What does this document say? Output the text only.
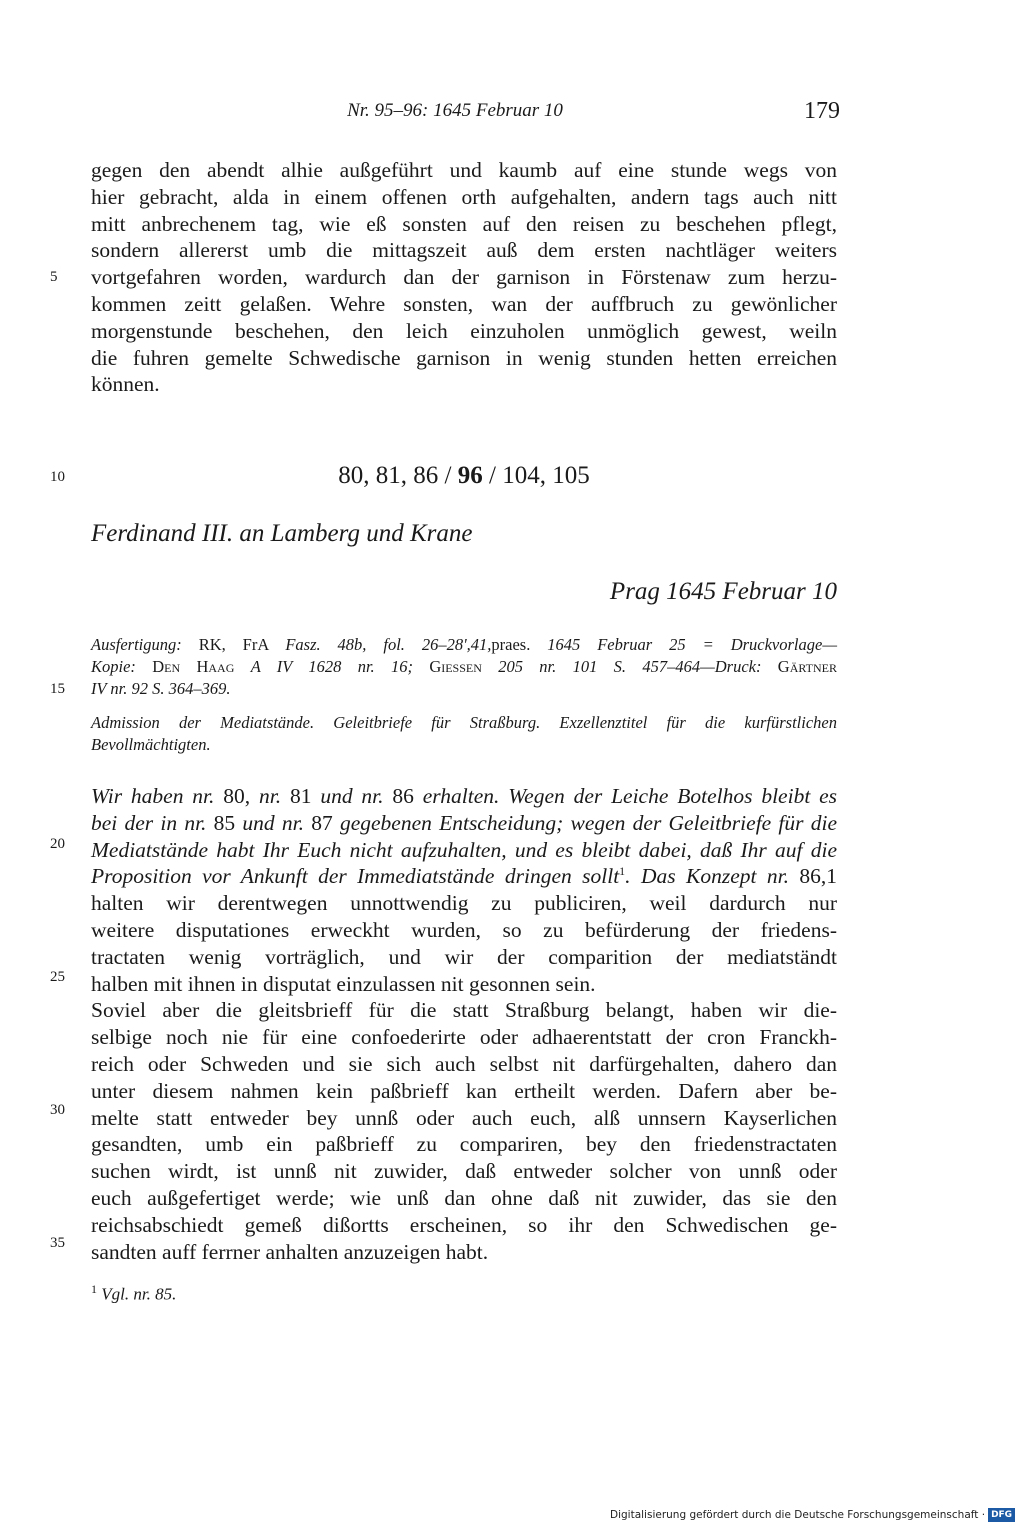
Nr. 95–96: 1645 Februar 10	179
gegen den abendt alhie außgeführt und kaumb auf eine stunde wegs von
hier gebracht, alda in einem offenen orth aufgehalten, andern tags auch nitt
mitt anbrechenem tag, wie eß sonsten auf den reisen zu beschehen pflegt,
sondern allererst umb die mittagszeit auß dem ersten nachtläger weiters
vortgefahren worden, wardurch dan der garnison in Förstenaw zum herzu-
kommen zeitt gelaßen. Wehre sonsten, wan der auffbruch zu gewönlicher
morgenstunde beschehen, den leich einzuholen unmöglich gewest, weiln
die fuhren gemelte Schwedische garnison in wenig stunden hetten erreichen
können.
5
10
15
20
25
30
35
80, 81, 86 / 96 / 104, 105
Ferdinand III. an Lamberg und Krane
Prag 1645 Februar 10
Ausfertigung: RK, FrA Fasz. 48b, fol. 26–28',41,praes. 1645 Februar 25 = Druckvorlage—
Kopie: Den Haag A IV 1628 nr. 16; Giessen 205 nr. 101 S. 457–464—Druck: Gärtner
IV nr. 92 S. 364–369.
Admission der Mediatstände. Geleitbriefe für Straßburg. Exzellenztitel für die kurfürstlichen
Bevollmächtigten.
Wir haben nr. 80, nr. 81 und nr. 86 erhalten. Wegen der Leiche Botelhos bleibt es
bei der in nr. 85 und nr. 87 gegebenen Entscheidung; wegen der Geleitbriefe für die
Mediatstände habt Ihr Euch nicht aufzuhalten, und es bleibt dabei, daß Ihr auf die
Proposition vor Ankunft der Immediatstände dringen sollt$^1$. Das Konzept nr. 86,1
halten wir derentwegen unnottwendig zu publiciren, weil dardurch nur
weitere disputationes erweckht wurden, so zu befürderung der friedens-
tractaten wenig vorträglich, und wir der comparition der mediatständt
halben mit ihnen in disputat einzulassen nit gesonnen sein.
Soviel aber die gleitsbrieff für die statt Straßburg belangt, haben wir die-
selbige noch nie für eine confoederirte oder adhaerentstatt der cron Franckh-
reich oder Schweden und sie sich auch selbst nit darfürgehalten, dahero dan
unter diesem nahmen kein paßbrieff kan ertheilt werden. Dafern aber be-
melte statt entweder bey unnß oder auch euch, alß unnsern Kayserlichen
gesandten, umb ein paßbrieff zu compariren, bey den friedenstractaten
suchen wirdt, ist unnß nit zuwider, daß entweder solcher von unnß oder
euch außgefertiget werde; wie unß dan ohne daß nit zuwider, das sie den
reichsabschiedt gemeß dißortts erscheinen, so ihr den Schwedischen ge-
sandten auff ferrner anhalten anzuzeigen habt.
$^1$ Vgl. nr. 85.
Digitalisierung gefördert durch die Deutsche Forschungsgemeinschaft · DFG
